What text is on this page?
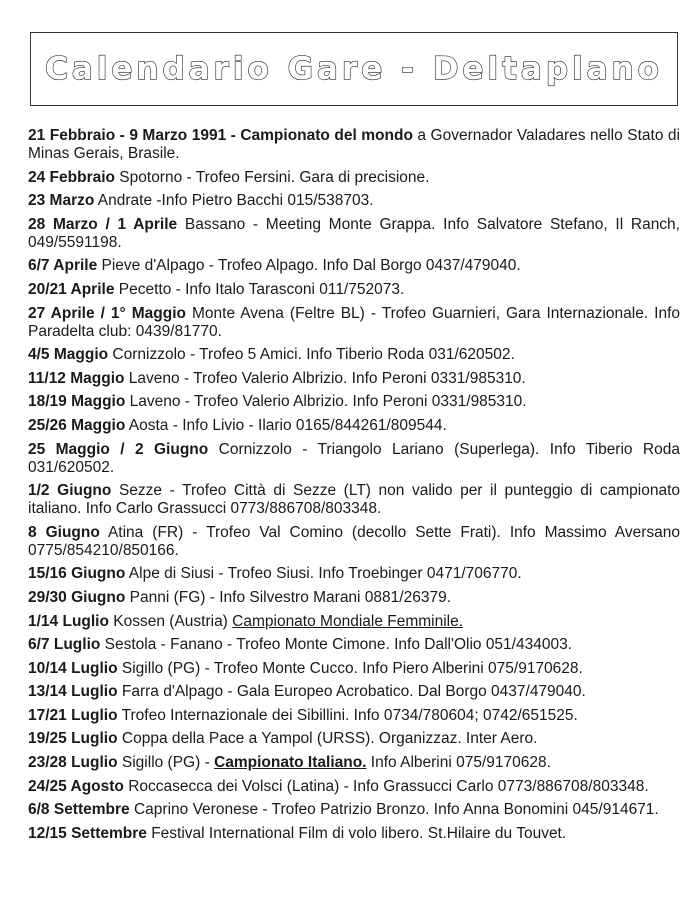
Calendario Gare - Deltaplano

21 Febbraio - 9 Marzo 1991 - Campionato del mondo a Governador Valadares nello Stato di Minas Gerais, Brasile.

24 Febbraio Spotorno - Trofeo Fersini. Gara di precisione.

23 Marzo Andrate -Info Pietro Bacchi 015/538703.

28 Marzo / 1 Aprile Bassano - Meeting Monte Grappa. Info Salvatore Stefano, Il Ranch, 049/5591198.

6/7 Aprile Pieve d'Alpago - Trofeo Alpago. Info Dal Borgo 0437/479040.

20/21 Aprile Pecetto - Info Italo Tarasconi 011/752073.

27 Aprile / 1° Maggio Monte Avena (Feltre BL) - Trofeo Guarnieri, Gara Internazionale. Info Paradelta club: 0439/81770.

4/5 Maggio Cornizzolo - Trofeo 5 Amici. Info Tiberio Roda 031/620502.

11/12 Maggio Laveno - Trofeo Valerio Albrizio. Info Peroni 0331/985310.

18/19 Maggio Laveno - Trofeo Valerio Albrizio. Info Peroni 0331/985310.

25/26 Maggio Aosta - Info Livio - Ilario 0165/844261/809544.

25 Maggio / 2 Giugno Cornizzolo - Triangolo Lariano (Superlega). Info Tiberio Roda 031/620502.

1/2 Giugno Sezze - Trofeo Città di Sezze (LT) non valido per il punteggio di campionato italiano. Info Carlo Grassucci 0773/886708/803348.

8 Giugno Atina (FR) - Trofeo Val Comino (decollo Sette Frati). Info Massimo Aversano 0775/854210/850166.

15/16 Giugno Alpe di Siusi - Trofeo Siusi. Info Troebinger 0471/706770.

29/30 Giugno Panni (FG) - Info Silvestro Marani 0881/26379.

1/14 Luglio Kossen (Austria) Campionato Mondiale Femminile.

6/7 Luglio Sestola - Fanano - Trofeo Monte Cimone. Info Dall'Olio 051/434003.

10/14 Luglio Sigillo (PG) - Trofeo Monte Cucco. Info Piero Alberini 075/9170628.

13/14 Luglio Farra d'Alpago - Gala Europeo Acrobatico. Dal Borgo 0437/479040.

17/21 Luglio Trofeo Internazionale dei Sibillini. Info 0734/780604; 0742/651525.

19/25 Luglio Coppa della Pace a Yampol (URSS). Organizzaz. Inter Aero.

23/28 Luglio Sigillo (PG) - Campionato Italiano. Info Alberini 075/9170628.

24/25 Agosto Roccasecca dei Volsci (Latina) - Info Grassucci Carlo 0773/886708/803348.

6/8 Settembre Caprino Veronese - Trofeo Patrizio Bronzo. Info Anna Bonomini 045/914671.

12/15 Settembre Festival International Film di volo libero. St.Hilaire du Touvet.
